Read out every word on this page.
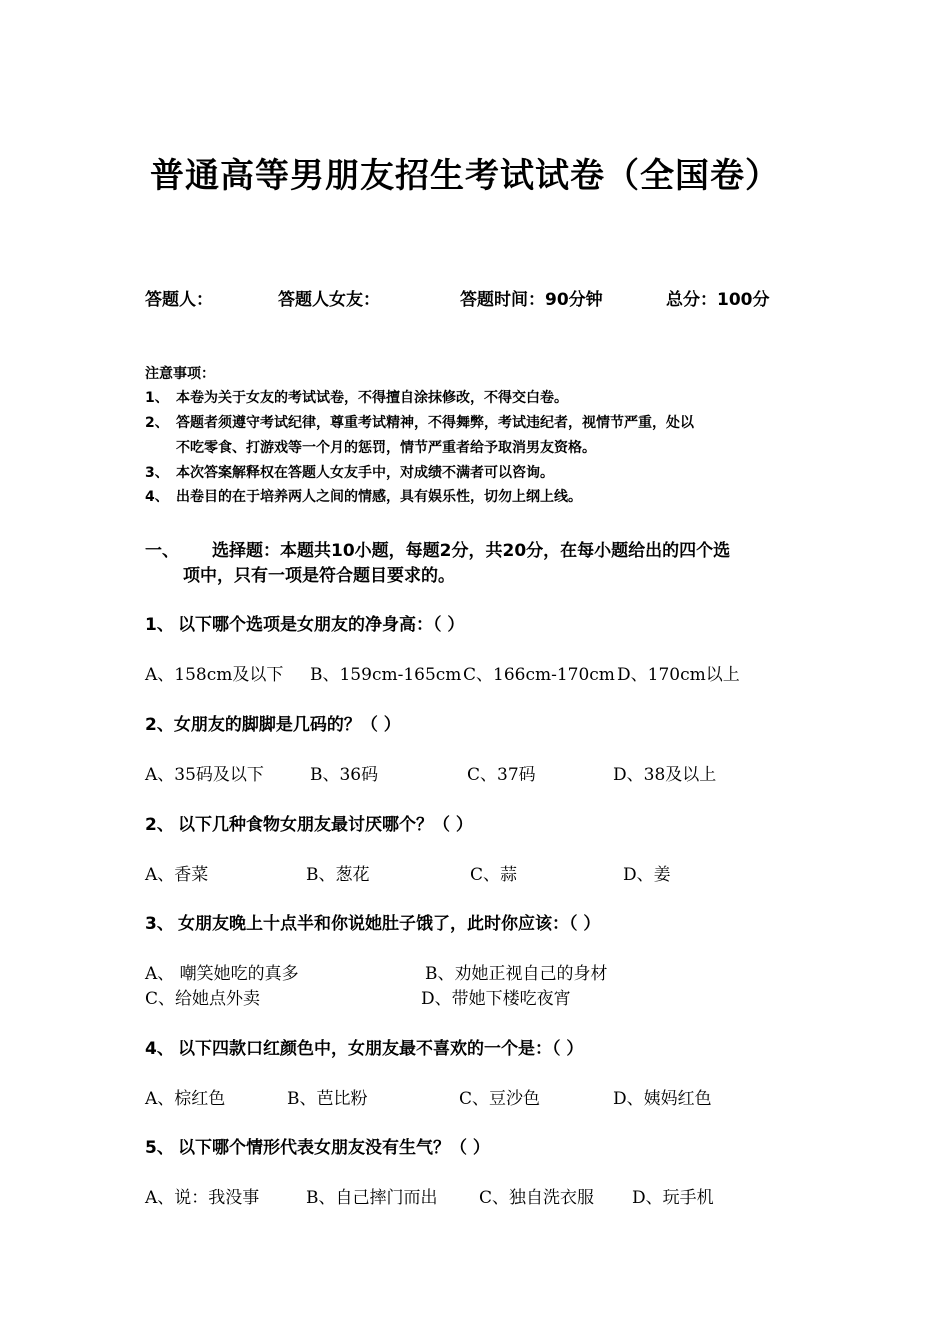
普通高等男朋友招生考试试卷（全国卷）
答题人：	答题人女友：	答题时间：90分钟	总分：100分
注意事项：
1、 本卷为关于女友的考试试卷，不得擅自涂抹修改，不得交白卷。
2、 答题者须遵守考试纪律，尊重考试精神，不得舞弊，考试违纪者，视情节严重，处以
不吃零食、打游戏等一个月的惩罚，情节严重者给予取消男友资格。
3、 本次答案解释权在答题人女友手中，对成绩不满者可以咨询。
4、 出卷目的在于培养两人之间的情感，具有娱乐性，切勿上纲上线。
一、 选择题：本题共10小题，每题2分，共20分，在每小题给出的四个选
项中，只有一项是符合题目要求的。
1、 以下哪个选项是女朋友的净身高：（ ）
A、158cm及以下 B、159cm-165cm C、166cm-170cm D、170cm以上
2、女朋友的脚脚是几码的？（ ）
A、35码及以下	B、36码	C、37码	D、38及以上
2、 以下几种食物女朋友最讨厌哪个？（ ）
A、香菜	B、葱花	C、蒜	D、姜
3、 女朋友晚上十点半和你说她肚子饿了，此时你应该：（ ）
A、 嘲笑她吃的真多	B、劝她正视自己的身材
C、给她点外卖	D、带她下楼吃夜宵
4、 以下四款口红颜色中，女朋友最不喜欢的一个是：（ ）
A、棕红色	B、芭比粉	C、豆沙色	D、姨妈红色
5、 以下哪个情形代表女朋友没有生气？（ ）
A、说：我没事	B、自己摔门而出 C、独自洗衣服 D、玩手机
